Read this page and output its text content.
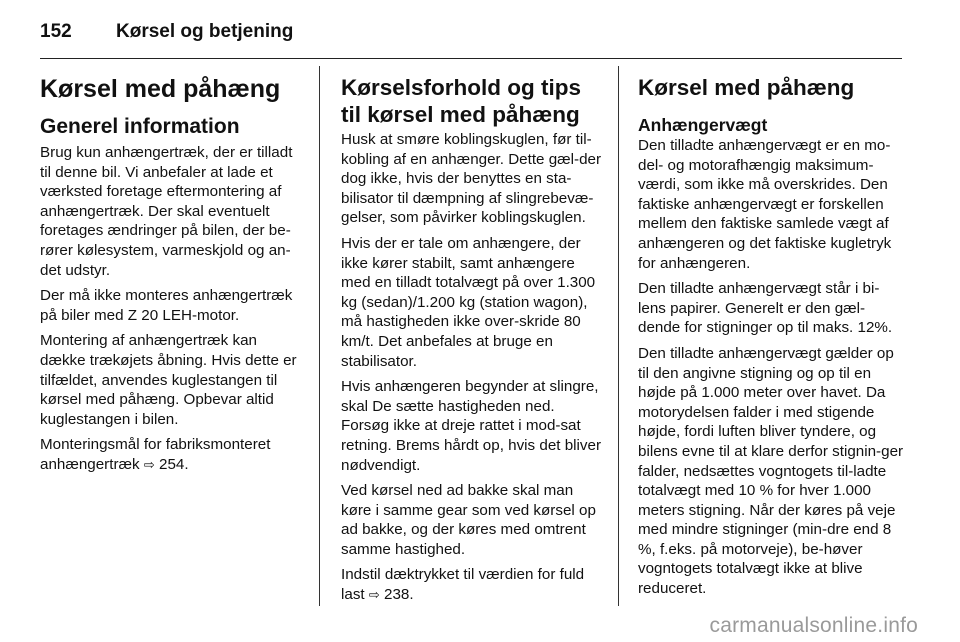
152	Kørsel og betjening
Kørsel med påhæng
Generel information

Brug kun anhængertræk, der er tilladt til denne bil. Vi anbefaler at lade et værksted foretage eftermontering af anhængertræk. Der skal eventuelt foretages ændringer på bilen, der be-rører kølesystem, varmeskjold og an-det udstyr.

Der må ikke monteres anhængertræk på biler med Z 20 LEH-motor.

Montering af anhængertræk kan dække trækøjets åbning. Hvis dette er tilfældet, anvendes kuglestangen til kørsel med påhæng. Opbevar altid kuglestangen i bilen.

Monteringsmål for fabriksmonteret anhængertræk ⇨ 254.

Kørselsforhold og tips til kørsel med påhæng

Husk at smøre koblingskuglen, før til-kobling af en anhænger. Dette gæl-der dog ikke, hvis der benyttes en sta-bilisator til dæmpning af slingrebevæ-gelser, som påvirker koblingskuglen.

Hvis der er tale om anhængere, der ikke kører stabilt, samt anhængere med en tilladt totalvægt på over 1.300 kg (sedan)/1.200 kg (station wagon), må hastigheden ikke over-skride 80 km/t. Det anbefales at bruge en stabilisator.

Hvis anhængeren begynder at slingre, skal De sætte hastigheden ned. Forsøg ikke at dreje rattet i mod-sat retning. Brems hårdt op, hvis det bliver nødvendigt.

Ved kørsel ned ad bakke skal man køre i samme gear som ved kørsel op ad bakke, og der køres med omtrent samme hastighed.

Indstil dæktrykket til værdien for fuld last ⇨ 238.

Kørsel med påhæng
Anhængervægt

Den tilladte anhængervægt er en mo-del- og motorafhængig maksimum-værdi, som ikke må overskrides. Den faktiske anhængervægt er forskellen mellem den faktiske samlede vægt af anhængeren og det faktiske kugletryk for anhængeren.

Den tilladte anhængervægt står i bi-lens papirer. Generelt er den gæl-dende for stigninger op til maks. 12%.

Den tilladte anhængervægt gælder op til den angivne stigning og op til en højde på 1.000 meter over havet. Da motorydelsen falder i med stigende højde, fordi luften bliver tyndere, og bilens evne til at klare derfor stignin-ger falder, nedsættes vogntogets til-ladte totalvægt med 10 % for hver 1.000 meters stigning. Når der køres på veje med mindre stigninger (min-dre end 8 %, f.eks. på motorveje), be-høver vogntogets totalvægt ikke at blive reduceret.

carmanualsonline.info
